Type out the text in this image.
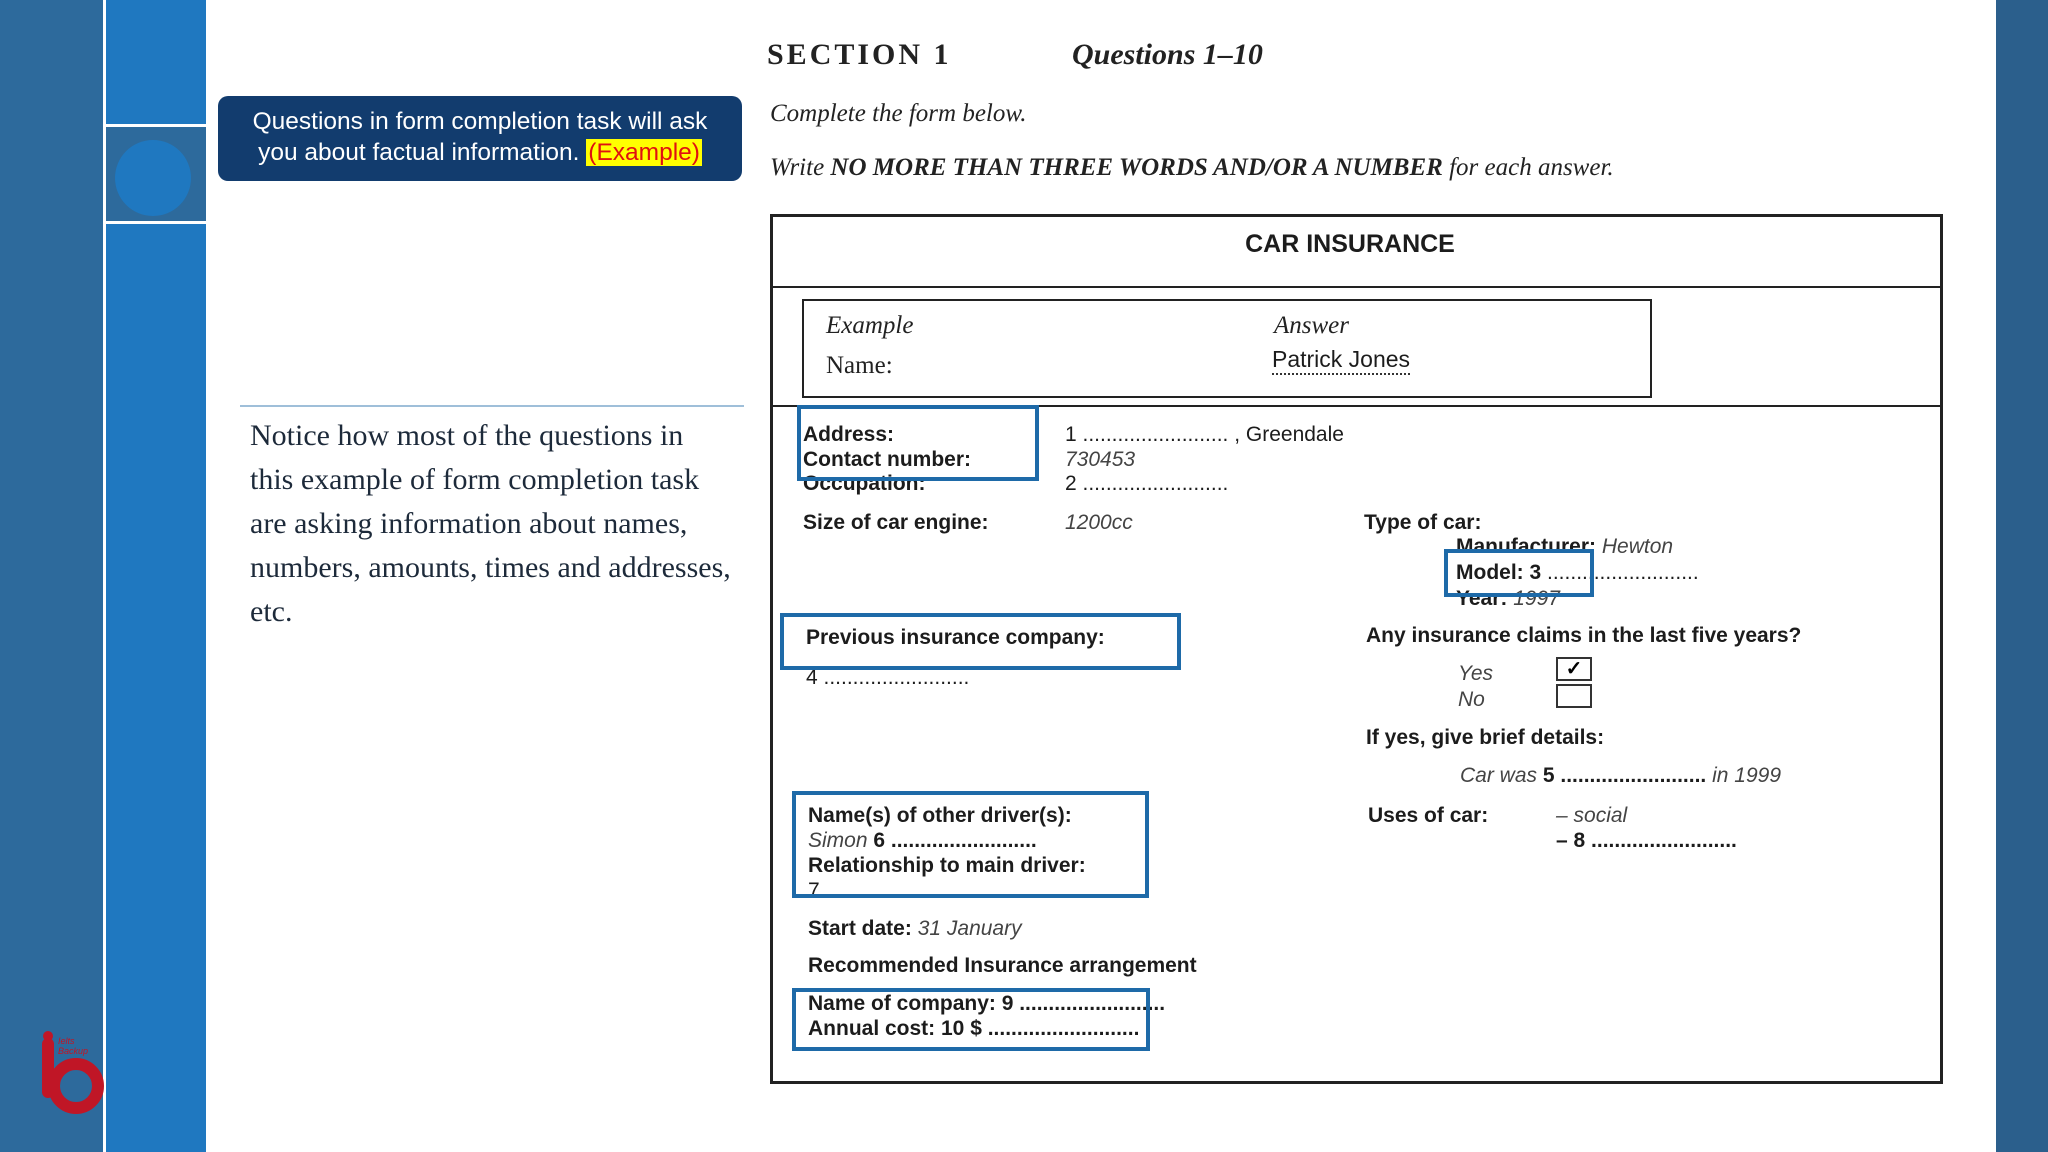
Questions in form completion task will ask
you about factual information. (Example)
Notice how most of the questions in
this example of form completion task
are asking information about names,
numbers, amounts, times and addresses,
etc.
Ielts
Backup
SECTION 1	Questions 1–10
Complete the form below.
Write NO MORE THAN THREE WORDS AND/OR A NUMBER for each answer.
CAR INSURANCE
Example	Answer
Name:	Patrick Jones
Address:	1 ......................... , Greendale
Contact number:	730453
Occupation:	2 .........................
Size of car engine:	1200cc
Previous insurance company:
4 .........................
Name(s) of other driver(s):
Simon 6 .........................
Relationship to main driver:
7 .........................
Start date: 31 January
Recommended Insurance arrangement
Name of company: 9 .........................
Annual cost: 10 $ ..........................
Type of car:
Manufacturer: Hewton
Model: 3 ..........................
Year: 1997
Any insurance claims in the last five years?
Yes	✓
No
If yes, give brief details:
Car was 5 ......................... in 1999
Uses of car:	– social
– 8 .........................
